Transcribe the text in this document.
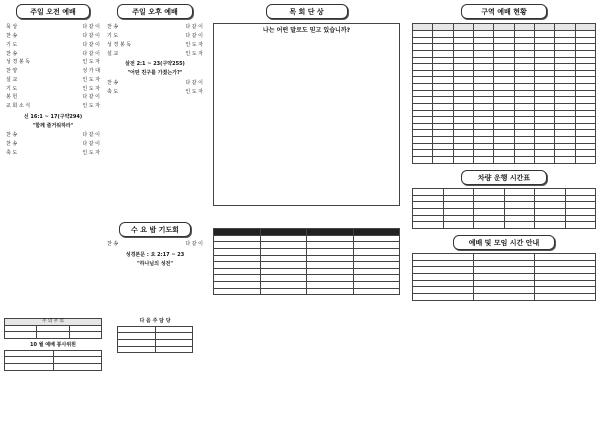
주일 오전 예배
묵 상	다 같 이
찬 송	다 같 이
기 도	다 같 이
찬 송	다 같 이
성 경 봉 독	인 도 자
찬 양	성 가 대
설 교	인 도 자
기 도	인 도 자
봉 헌	다 같 이
교 회 소 식	인 도 자
신 16:1 ~ 17(구약294)
"함께 즐거워하라"
찬 송	다 같 이
찬 송	다 같 이
축 도	인 도 자
주 의 주 의		

10 월 예배 봉사위원

주일 오후 예배
찬 송	다 같 이
기 도	다 같 이
성 경 봉 독	인 도 자
설 교	인 도 자
살전 2:1 ~ 23(구약255)
"어떤 친구를 가졌는가?"
찬 송	다 같 이
축 도	인 도 자
수 요 밤 기도회
찬 송	다 같 이
성경본문 : 요 2:17 ~ 23
"하나님의 성전"
다 음 주 담 당

목 회 단 상
나는 어떤 말로도 믿고 있습니까?

구역 예배 현황

차량 운행 시간표

예배 및 모임 시간 안내
